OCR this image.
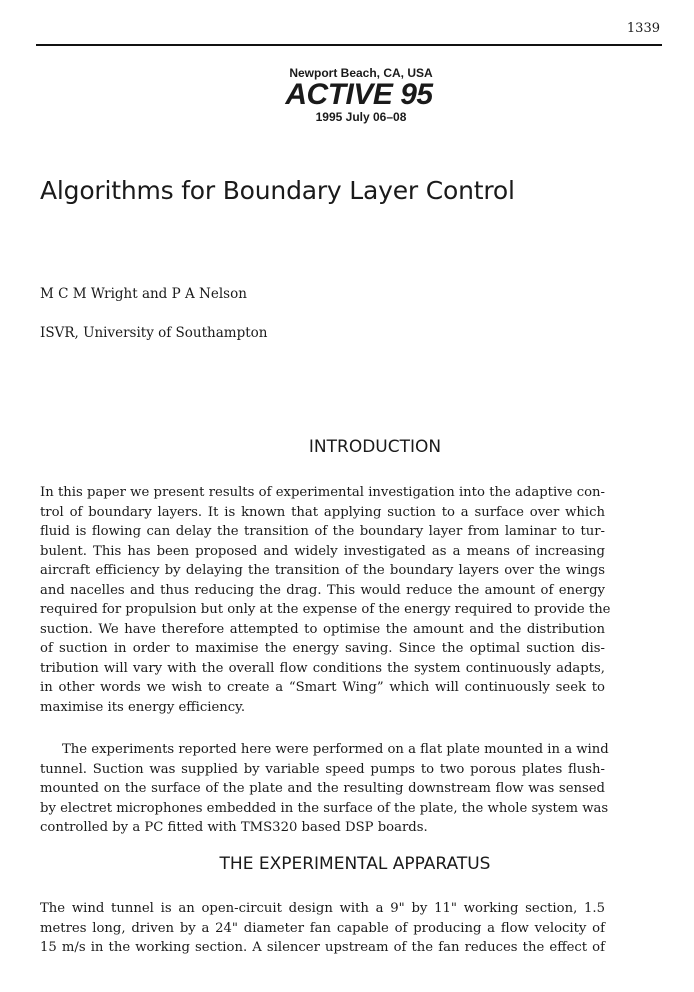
1339
Newport Beach, CA, USA
ACTIVE 95
1995 July 06–08
Algorithms for Boundary Layer Control
M C M Wright and P A Nelson
ISVR, University of Southampton
INTRODUCTION

In this paper we present results of experimental investigation into the adaptive con-
trol of boundary layers. It is known that applying suction to a surface over which
fluid is flowing can delay the transition of the boundary layer from laminar to tur-
bulent. This has been proposed and widely investigated as a means of increasing
aircraft efficiency by delaying the transition of the boundary layers over the wings
and nacelles and thus reducing the drag. This would reduce the amount of energy
required for propulsion but only at the expense of the energy required to provide the
suction. We have therefore attempted to optimise the amount and the distribution
of suction in order to maximise the energy saving. Since the optimal suction dis-
tribution will vary with the overall flow conditions the system continuously adapts,
in other words we wish to create a “Smart Wing” which will continuously seek to
maximise its energy efficiency.

The experiments reported here were performed on a flat plate mounted in a wind
tunnel. Suction was supplied by variable speed pumps to two porous plates flush-
mounted on the surface of the plate and the resulting downstream flow was sensed
by electret microphones embedded in the surface of the plate, the whole system was
controlled by a PC fitted with TMS320 based DSP boards.

THE EXPERIMENTAL APPARATUS

The wind tunnel is an open-circuit design with a 9" by 11" working section, 1.5
metres long, driven by a 24" diameter fan capable of producing a flow velocity of
15 m/s in the working section. A silencer upstream of the fan reduces the effect of
